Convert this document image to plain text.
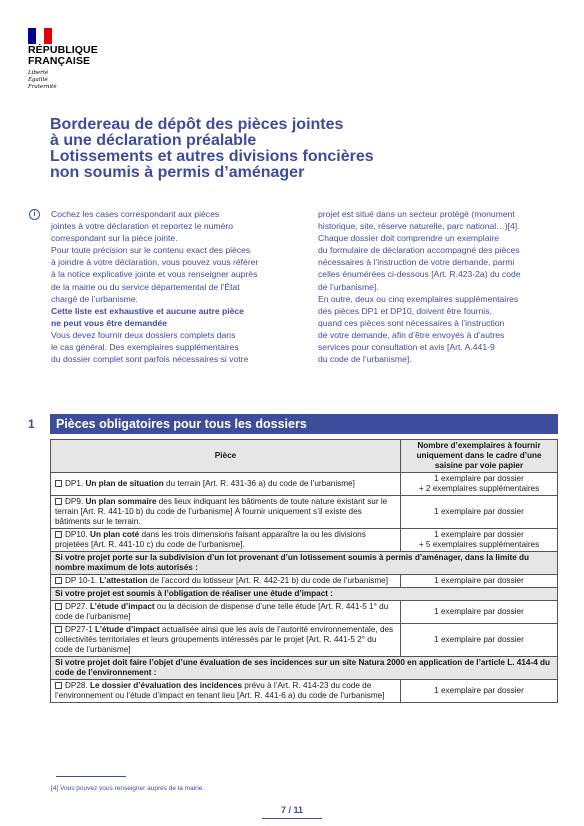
RÉPUBLIQUE
FRANÇAISE
Liberté
Égalité
Fraternité
Bordereau de dépôt des pièces jointes
à une déclaration préalable
Lotissements et autres divisions foncières
non soumis à permis d’aménager
i	Cochez les cases correspondant aux pièces

jointes à votre déclaration et reportez le numéro

correspondant sur la pièce jointe.

Pour toute précision sur le contenu exact des pièces

à joindre à votre déclaration, vous pouvez vous référer

à la notice explicative jointe et vous renseigner auprès

de la mairie ou du service départemental de l’État

chargé de l’urbanisme.

Cette liste est exhaustive et aucune autre pièce

ne peut vous être demandée

Vous devez fournir deux dossiers complets dans

le cas général. Des exemplaires supplémentaires

du dossier complet sont parfois nécessaires si votre

projet est situé dans un secteur protégé (monument

historique, site, réserve naturelle, parc national…)[4].

Chaque dossier doit comprendre un exemplaire

du formulaire de déclaration accompagné des pièces

nécessaires à l’instruction de votre demande, parmi

celles énumérées ci-dessous [Art. R.423-2a) du code

de l’urbanisme].

En outre, deux ou cinq exemplaires supplémentaires

des pièces DP1 et DP10, doivent être fournis,

quand ces pièces sont nécessaires à l’instruction

de votre demande, afin d’être envoyés à d’autres

services pour consultation et avis [Art. A.441-9

du code de l’urbanisme].

1	Pièces obligatoires pour tous les dossiers
Pièce	Nombre d’exemplaires à fournir uniquement dans le cadre d’une saisine par voie papier
DP1. Un plan de situation du terrain [Art. R. 431-36 a) du code de l’urbanisme]	1 exemplaire par dossier
+ 2 exemplaires supplémentaires

DP9. Un plan sommaire des lieux indiquant les bâtiments de toute nature existant sur le terrain [Art. R. 441-10 b) du code de l’urbanisme] À fournir uniquement s’il existe des bâtiments sur le terrain.	1 exemplaire par dossier

DP10. Un plan coté dans les trois dimensions faisant apparaître la ou les divisions projetées [Art. R. 441-10 c) du code de l’urbanisme].	1 exemplaire par dossier
+ 5 exemplaires supplémentaires

Si votre projet porte sur la subdivision d’un lot provenant d’un lotissement soumis à permis d’aménager, dans la limite du nombre maximum de lots autorisés :	
DP 10-1. L’attestation de l’accord du lotisseur [Art. R. 442-21 b) du code de l’urbanisme]	1 exemplaire par dossier

Si votre projet est soumis à l’obligation de réaliser une étude d’impact :	
DP27. L’étude d’impact ou la décision de dispense d’une telle étude [Art. R. 441-5 1° du code de l’urbanisme]	1 exemplaire par dossier

DP27-1 L’étude d’impact actualisée ainsi que les avis de l’autorité environnementale, des collectivités territoriales et leurs groupements intéressés par le projet [Art. R. 441-5 2° du code de l’urbanisme]	1 exemplaire par dossier

Si votre projet doit faire l’objet d’une évaluation de ses incidences sur un site Natura 2000 en application de l’article L. 414-4 du code de l’environnement :	
DP28. Le dossier d’évaluation des incidences prévu à l’Art. R. 414-23 du code de l’environnement ou l’étude d’impact en tenant lieu [Art. R. 441-6 a) du code de l’urbanisme]	1 exemplaire par dossier
[4] Vous pouvez vous renseigner auprès de la mairie.
7 / 11
